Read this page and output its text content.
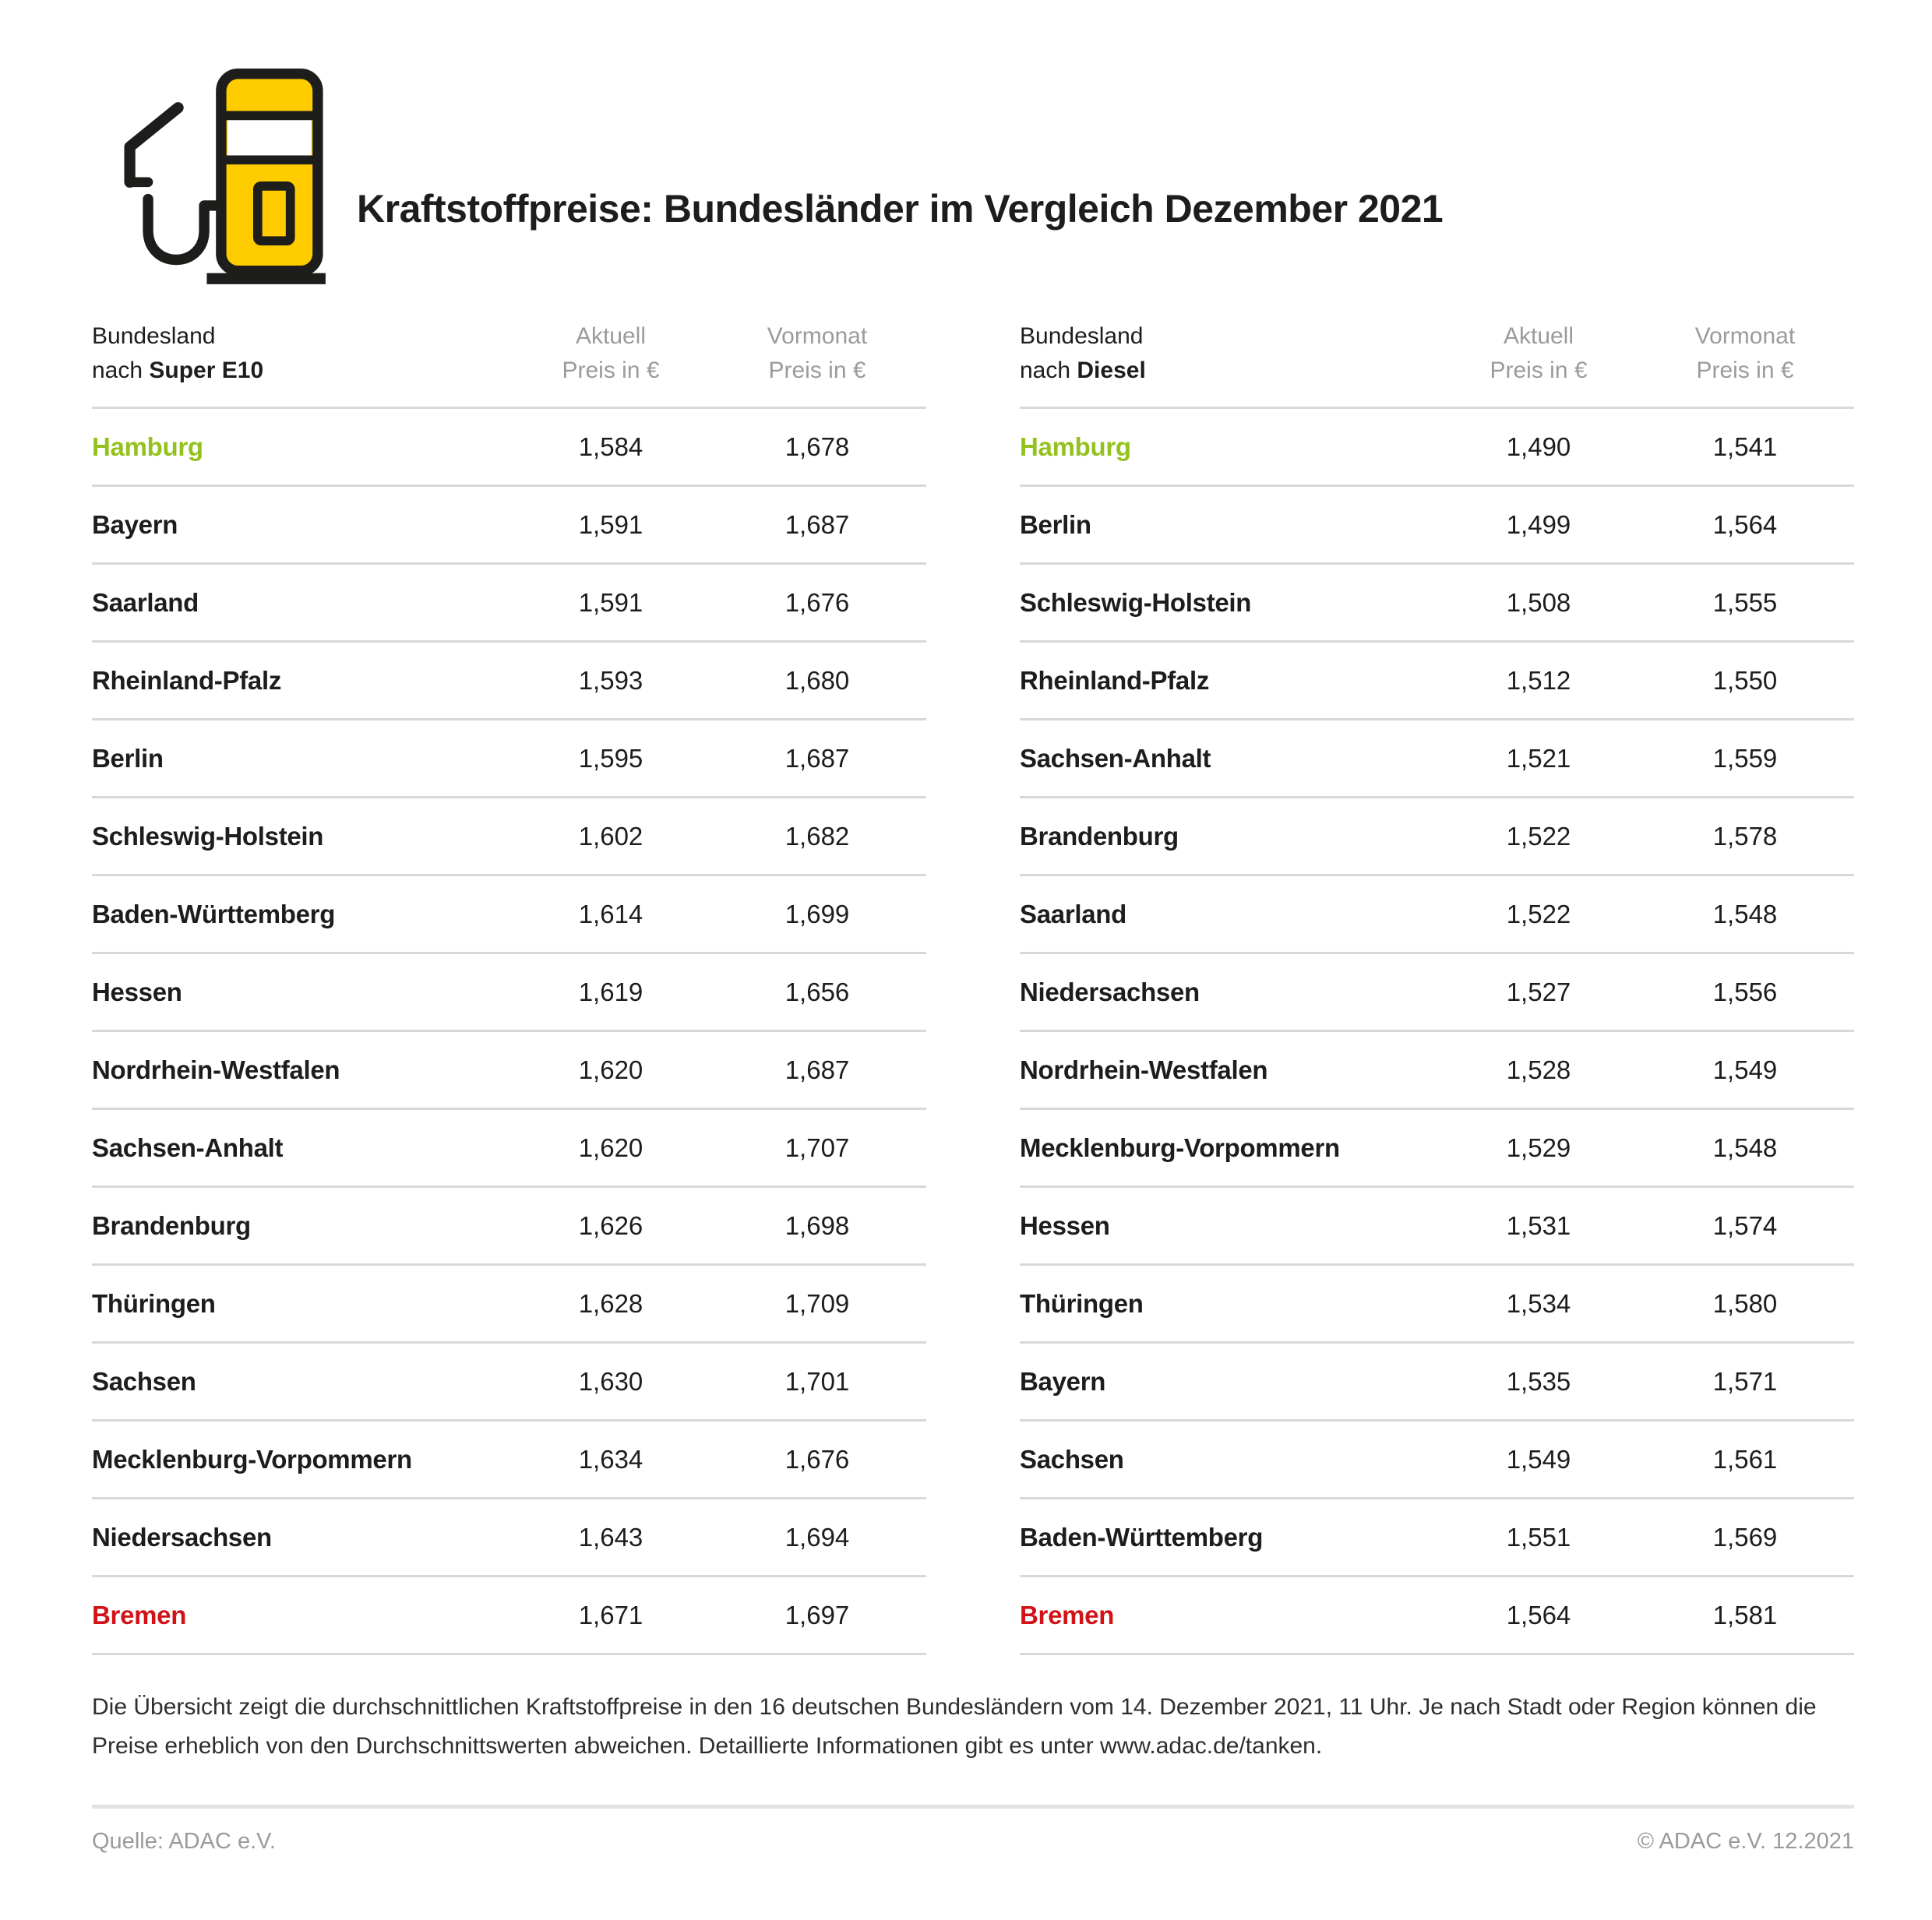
Kraftstoffpreise: Bundesländer im Vergleich Dezember 2021
Bundesland
nach Super E10
Aktuell
Preis in €
Vormonat
Preis in €
Hamburg	1,584	1,678
Bayern	1,591	1,687
Saarland	1,591	1,676
Rheinland-Pfalz	1,593	1,680
Berlin	1,595	1,687
Schleswig-Holstein	1,602	1,682
Baden-Württemberg	1,614	1,699
Hessen	1,619	1,656
Nordrhein-Westfalen	1,620	1,687
Sachsen-Anhalt	1,620	1,707
Brandenburg	1,626	1,698
Thüringen	1,628	1,709
Sachsen	1,630	1,701
Mecklenburg-Vorpommern	1,634	1,676
Niedersachsen	1,643	1,694
Bremen	1,671	1,697
Bundesland
nach Diesel
Aktuell
Preis in €
Vormonat
Preis in €
Hamburg	1,490	1,541
Berlin	1,499	1,564
Schleswig-Holstein	1,508	1,555
Rheinland-Pfalz	1,512	1,550
Sachsen-Anhalt	1,521	1,559
Brandenburg	1,522	1,578
Saarland	1,522	1,548
Niedersachsen	1,527	1,556
Nordrhein-Westfalen	1,528	1,549
Mecklenburg-Vorpommern	1,529	1,548
Hessen	1,531	1,574
Thüringen	1,534	1,580
Bayern	1,535	1,571
Sachsen	1,549	1,561
Baden-Württemberg	1,551	1,569
Bremen	1,564	1,581
Die Übersicht zeigt die durchschnittlichen Kraftstoffpreise in den 16 deutschen Bundesländern vom 14. Dezember 2021, 11 Uhr. Je nach Stadt oder Region können die
Preise erheblich von den Durchschnittswerten abweichen. Detaillierte Informationen gibt es unter www.adac.de/tanken.
Quelle: ADAC e.V.	© ADAC e.V. 12.2021
